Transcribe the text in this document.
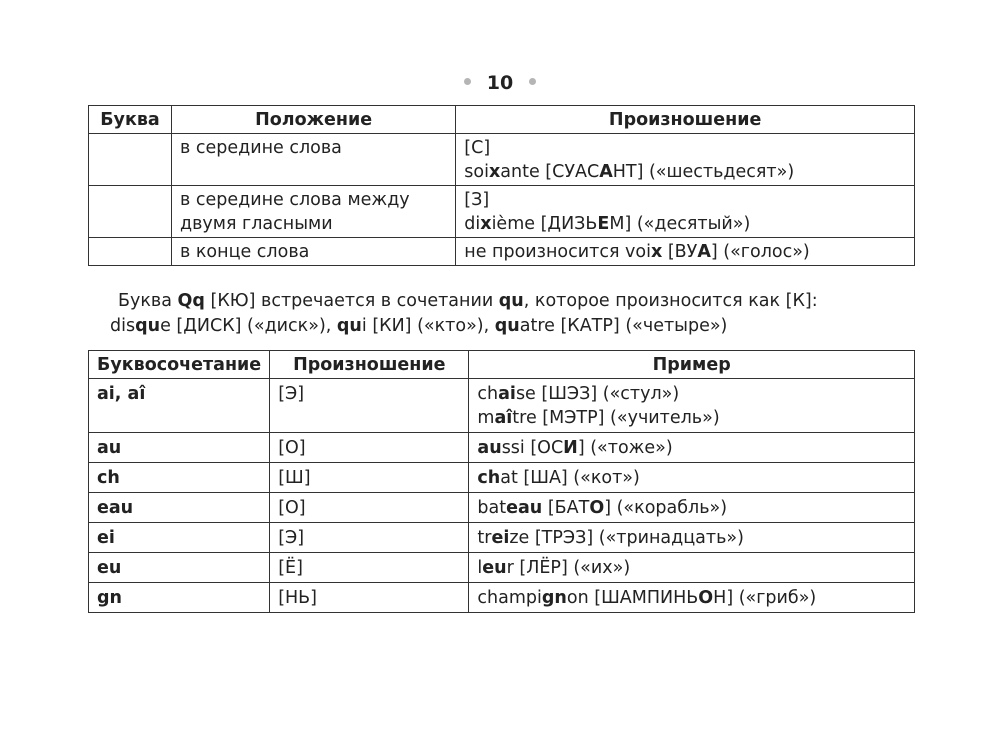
10
Буква	Положение	Произношение
	в середине слова	[С]
soixante [СУАСАНТ] («шестьдесят»)

	в середине слова между двумя гласными	[З]
dixième [ДИЗЬЕМ] («десятый»)

	в конце слова	не произносится voix [ВУА] («голос»)
Буква Qq [КЮ] встречается в сочетании qu, которое произносится как [К]:
disque [ДИСК] («диск»), qui [КИ] («кто»), quatre [КАТР] («четыре»)
Буквосочетание	Произношение	Пример
ai, aî	[Э]	chaise [ШЭЗ] («стул»)
maître [МЭТР] («учитель»)

au	[О]	aussi [ОСИ] («тоже»)

ch	[Ш]	chat [ША] («кот»)

eau	[О]	bateau [БАТО] («корабль»)

ei	[Э]	treize [ТРЭЗ] («тринадцать»)

eu	[Ё]	leur [ЛЁР] («их»)

gn	[НЬ]	champignon [ШАМПИНЬОН] («гриб»)
